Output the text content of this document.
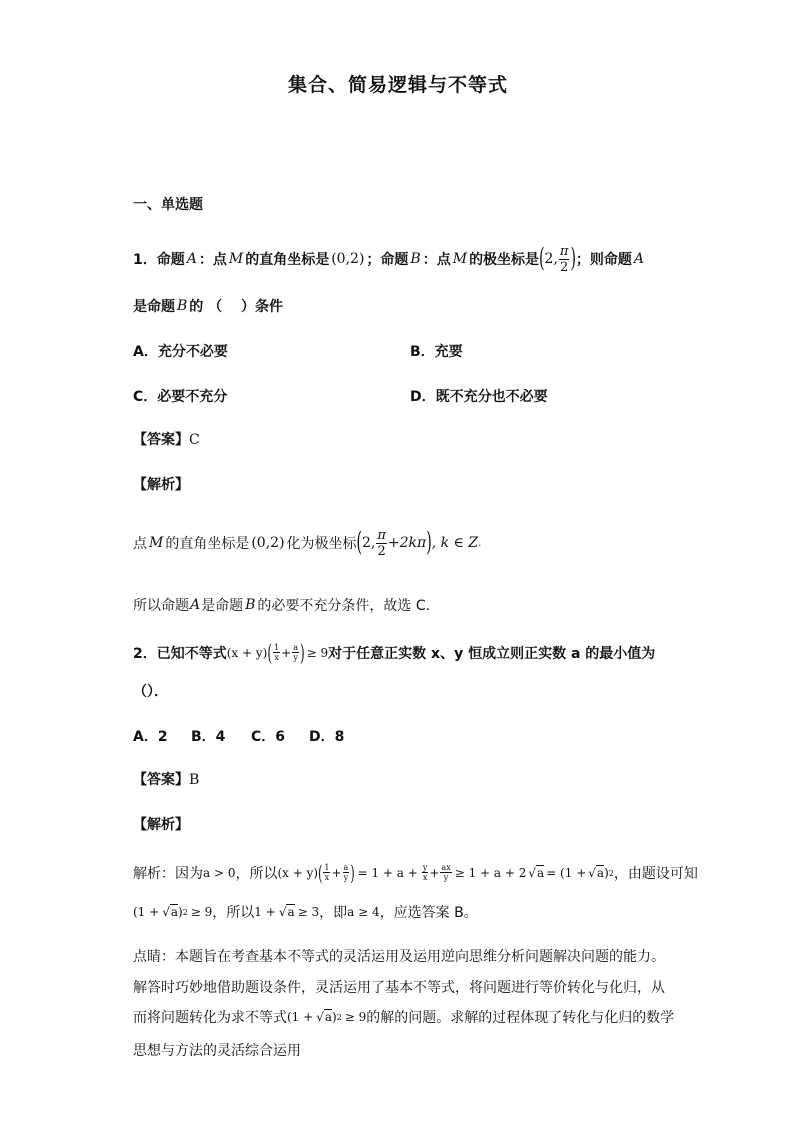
集合、简易逻辑与不等式
一、单选题
1． 命题 A ：点 M 的直角坐标是 (0,2) ；命题 B ：点 M 的极坐标是 ( 2, $\frac{\pi}{2}$ ) ；则命题 A
是命题 B 的 （　 ）条件
A．充分不必要	B．充要
C．必要不充分	D．既不充分也不必要
【答案】C
【解析】
点 M 的直角坐标是 (0,2) 化为极坐标 ( 2, $\frac{\pi}{2} +2k\pi$ ) , k ∈ Z .
所以命题 A 是命题 B 的必要不充分条件，故选 C.
2． 已知不等式 (x + y) ( $\frac{1}{x} + \frac{a}{y}$ ) ≥ 9 对于任意正实数 x、y 恒成立则正实数 a 的最小值为
（）．
A．2 B．4 C．6 D．8
【答案】B
【解析】
解析：因为 a > 0 ，所以 (x + y) ( $\frac{1}{x} + \frac{a}{y}$ ) = $1 + a + \frac{y}{x} + \frac{ax}{y} \ge 1 + a + 2$ √a = (1 + √a ) 2 ，由题设可知
(1 + √a ) 2 ≥ 9 ，所以 1 + √a ≥ 3 ，即 a ≥ 4 ，应选答案 B。
点睛：本题旨在考查基本不等式的灵活运用及运用逆向思维分析问题解决问题的能力。
解答时巧妙地借助题设条件，灵活运用了基本不等式，将问题进行等价转化与化归，从
而将问题转化为求不等式 (1 + √a ) 2 ≥ 9 的解的问题。求解的过程体现了转化与化归的数学
思想与方法的灵活综合运用
